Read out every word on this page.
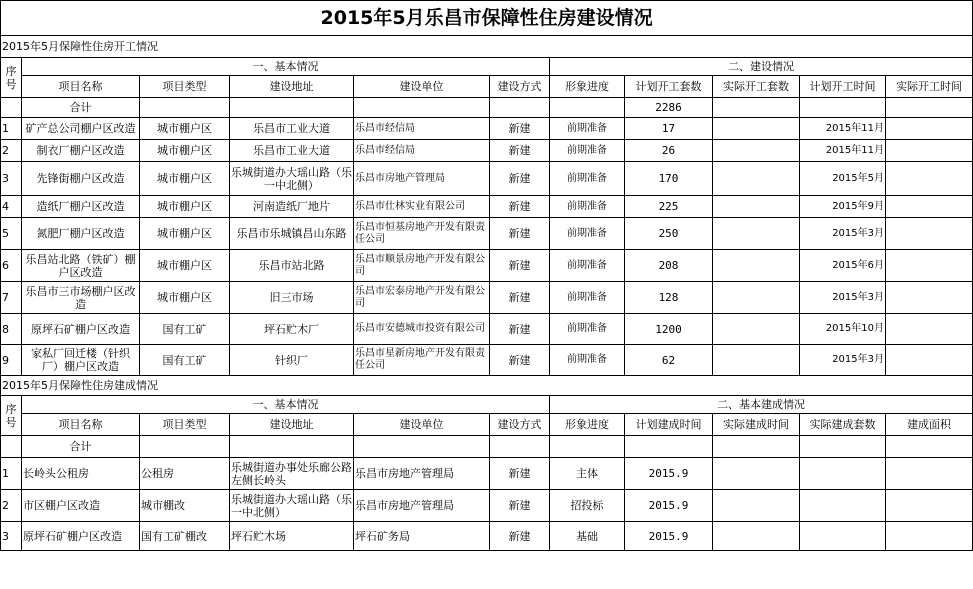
2015年5月乐昌市保障性住房建设情况										
2015年5月保障性住房开工情况										
序号	一、基本情况					二、建设情况				
	项目名称	项目类型	建设地址	建设单位	建设方式	形象进度	计划开工套数	实际开工套数	计划开工时间	实际开工时间
	合计						2286			
1	矿产总公司棚户区改造	城市棚户区	乐昌市工业大道	乐昌市经信局	新建	前期准备	17		2015年11月	
2	制衣厂棚户区改造	城市棚户区	乐昌市工业大道	乐昌市经信局	新建	前期准备	26		2015年11月	
3	先锋街棚户区改造	城市棚户区	乐城街道办大瑶山路（乐一中北侧）	乐昌市房地产管理局	新建	前期准备	170		2015年5月	
4	造纸厂棚户区改造	城市棚户区	河南造纸厂地片	乐昌市仕林实业有限公司	新建	前期准备	225		2015年9月	
5	氮肥厂棚户区改造	城市棚户区	乐昌市乐城镇昌山东路	乐昌市恒基房地产开发有限责任公司	新建	前期准备	250		2015年3月	
6	乐昌站北路（铁矿）棚户区改造	城市棚户区	乐昌市站北路	乐昌市顺景房地产开发有限公司	新建	前期准备	208		2015年6月	
7	乐昌市三市场棚户区改造	城市棚户区	旧三市场	乐昌市宏泰房地产开发有限公司	新建	前期准备	128		2015年3月	
8	原坪石矿棚户区改造	国有工矿	坪石贮木厂	乐昌市安德城市投资有限公司	新建	前期准备	1200		2015年10月	
9	家私厂回迁楼（针织厂）棚户区改造	国有工矿	针织厂	乐昌市星新房地产开发有限责任公司	新建	前期准备	62		2015年3月	
2015年5月保障性住房建成情况										
序号	一、基本情况					二、基本建成情况				
	项目名称	项目类型	建设地址	建设单位	建设方式	形象进度	计划建成时间	实际建成时间	实际建成套数	建成面积
	合计									
1	长岭头公租房	公租房	乐城街道办事处乐廊公路左侧长岭头	乐昌市房地产管理局	新建	主体	2015.9			
2	市区棚户区改造	城市棚改	乐城街道办大瑶山路（乐一中北侧）	乐昌市房地产管理局	新建	招投标	2015.9			
3	原坪石矿棚户区改造	国有工矿棚改	坪石贮木场	坪石矿务局	新建	基础	2015.9			
